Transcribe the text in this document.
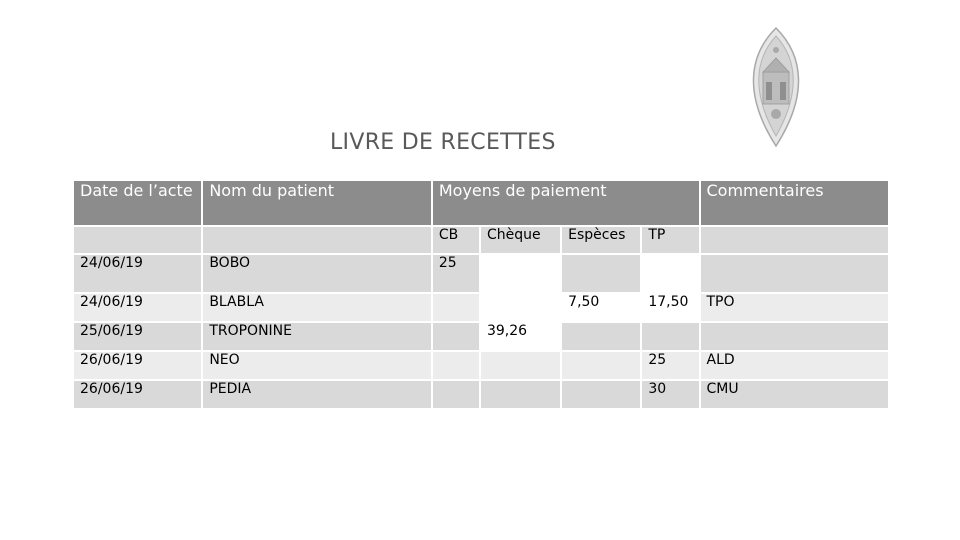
LIVRE DE RECETTES
Date de l’acte	Nom du patient	Moyens de paiement				Commentaires
		CB	Chèque	Espèces	TP	
24/06/19	BOBO	25				
24/06/19	BLABLA			7,50	17,50	TPO
25/06/19	TROPONINE		39,26			
26/06/19	NEO				25	ALD
26/06/19	PEDIA				30	CMU
